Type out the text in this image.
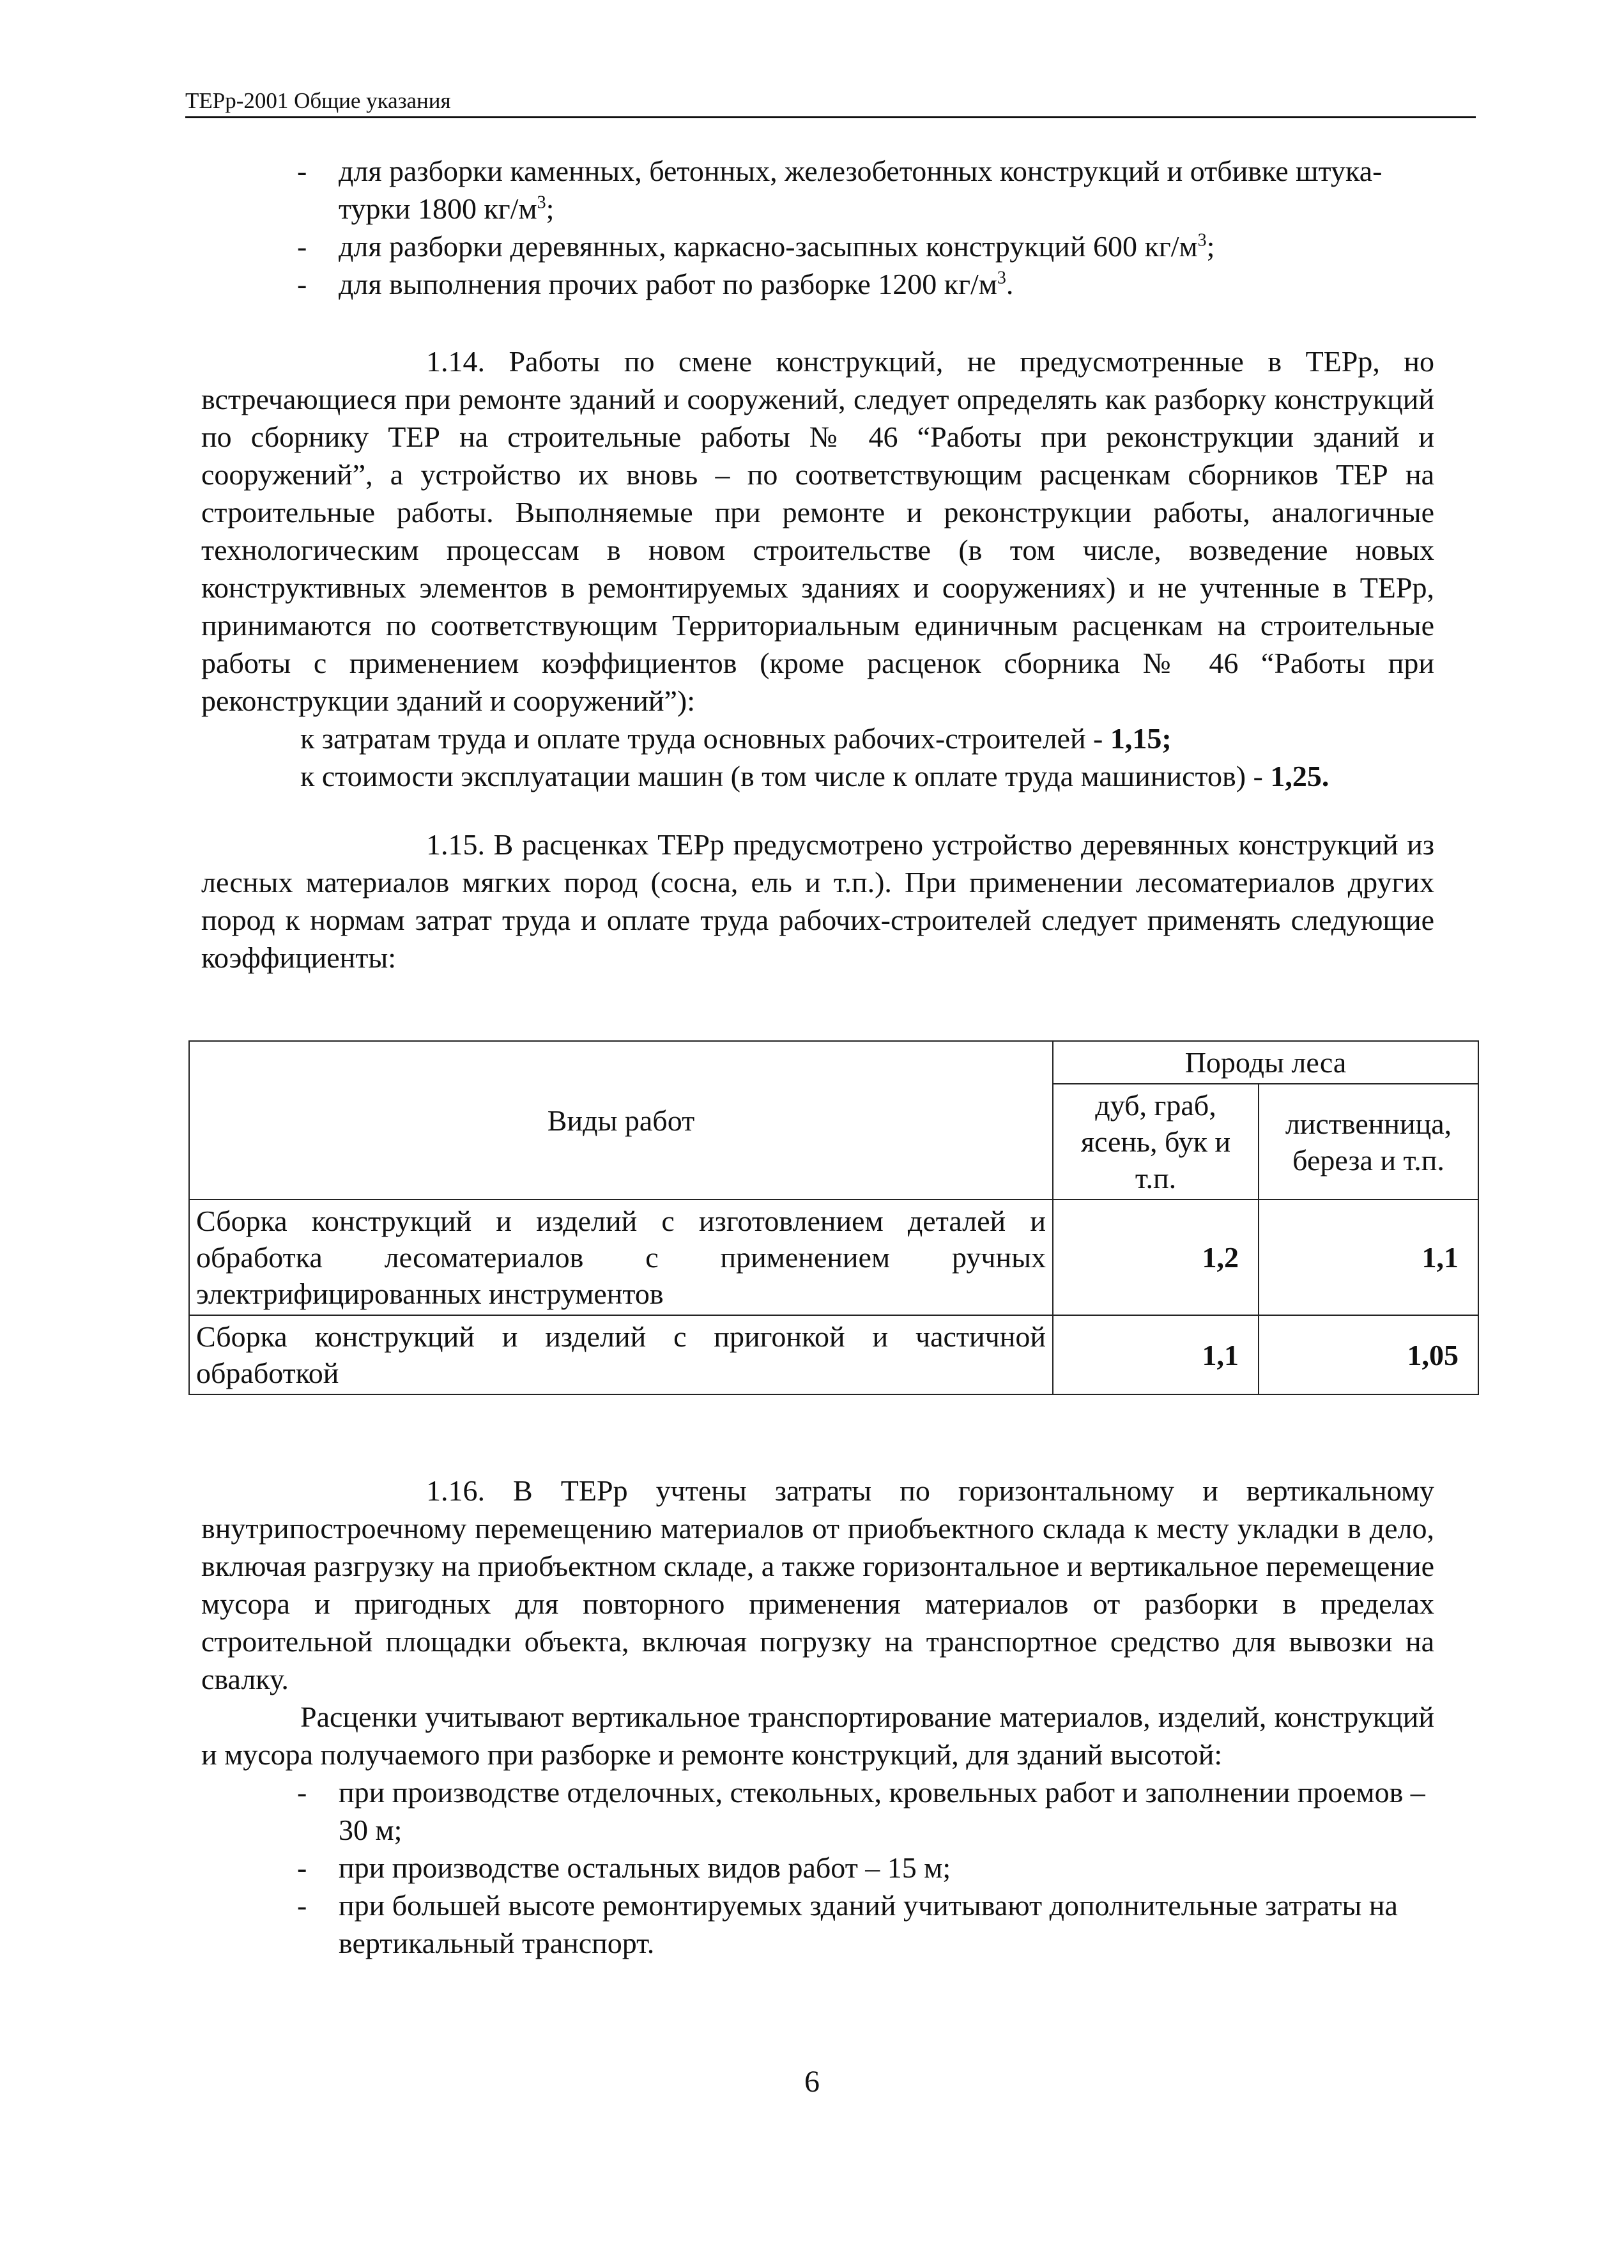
ТЕРр-2001 Общие указания
- для разборки каменных, бетонных, железобетонных конструкций и отбивке штука-
турки 1800 $кг/м^3$;
- для разборки деревянных, каркасно-засыпных конструкций 600 $кг/м^3$;
- для выполнения прочих работ по разборке 1200 $кг/м^3$.

1.14. Работы по смене конструкций, не предусмотренные в ТЕРр, но встречающиеся при ремонте зданий и сооружений, следует определять как разборку конструкций по сборнику ТЕР на строительные работы № 46 “Работы при реконструкции зданий и сооружений”, а устройство их вновь – по соответствующим расценкам сборников ТЕР на строительные работы. Выполняемые при ремонте и реконструкции работы, аналогичные технологическим процессам в новом строительстве (в том числе, возведение новых конструктивных элементов в ремонтируемых зданиях и сооружениях) и не учтенные в ТЕРр, принимаются по соответствующим Территориальным единичным расценкам на строительные работы с применением коэффициентов (кроме расценок сборника № 46 “Работы при реконструкции зданий и сооружений”):

к затратам труда и оплате труда основных рабочих-строителей - 1,15;

к стоимости эксплуатации машин (в том числе к оплате труда машинистов) - 1,25.

1.15. В расценках ТЕРр предусмотрено устройство деревянных конструкций из лесных материалов мягких пород (сосна, ель и т.п.). При применении лесоматериалов других пород к нормам затрат труда и оплате труда рабочих-строителей следует применять следующие коэффициенты:

Виды работ	Породы леса	
	дуб, граб, ясень, бук и т.п.	лиственница, береза и т.п.
Сборка конструкций и изделий с изготовлением деталей и обработка лесоматериалов с применением ручных электрифицированных инструментов	1,2	1,1
Сборка конструкций и изделий с пригонкой и частичной обработкой	1,1	1,05

1.16. В ТЕРр учтены затраты по горизонтальному и вертикальному внутрипостроечному перемещению материалов от приобъектного склада к месту укладки в дело, включая разгрузку на приобъектном складе, а также горизонтальное и вертикальное перемещение мусора и пригодных для повторного применения материалов от разборки в пределах строительной площадки объекта, включая погрузку на транспортное средство для вывозки на свалку.

Расценки учитывают вертикальное транспортирование материалов, изделий, конструкций и мусора получаемого при разборке и ремонте конструкций, для зданий высотой:

- при производстве отделочных, стекольных, кровельных работ и заполнении проемов – 30 м;
- при производстве остальных видов работ – 15 м;
- при большей высоте ремонтируемых зданий учитывают дополнительные затраты на вертикальный транспорт.
6
